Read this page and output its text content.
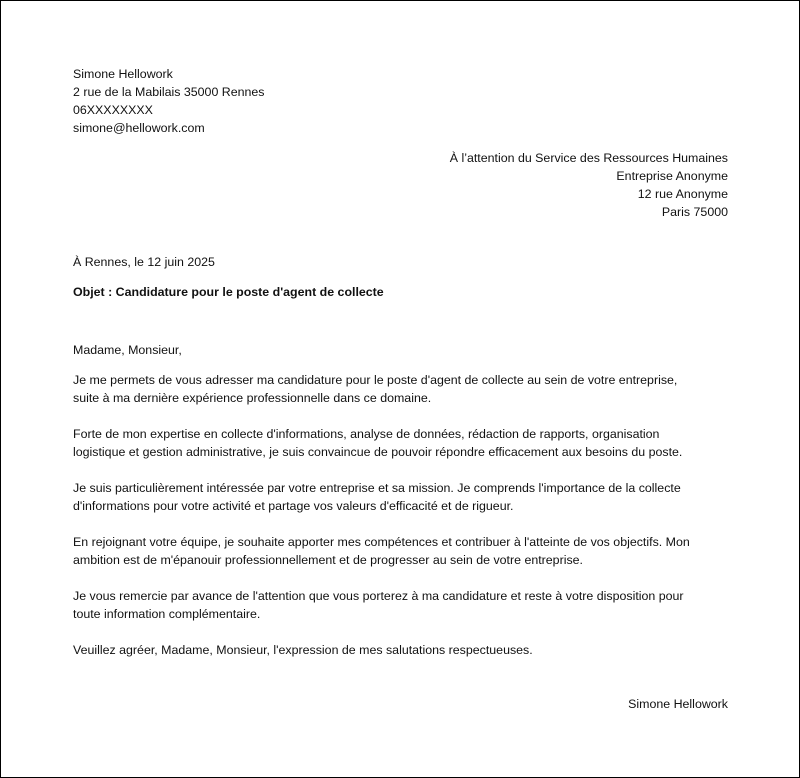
Simone Hellowork
2 rue de la Mabilais 35000 Rennes
06XXXXXXXX
simone@hellowork.com
À l’attention du Service des Ressources Humaines
Entreprise Anonyme
12 rue Anonyme
Paris 75000
À Rennes, le 12 juin 2025
Objet : Candidature pour le poste d'agent de collecte
Madame, Monsieur,

Je me permets de vous adresser ma candidature pour le poste d'agent de collecte au sein de votre entreprise,
suite à ma dernière expérience professionnelle dans ce domaine.

Forte de mon expertise en collecte d'informations, analyse de données, rédaction de rapports, organisation
logistique et gestion administrative, je suis convaincue de pouvoir répondre efficacement aux besoins du poste.

Je suis particulièrement intéressée par votre entreprise et sa mission. Je comprends l'importance de la collecte
d'informations pour votre activité et partage vos valeurs d'efficacité et de rigueur.

En rejoignant votre équipe, je souhaite apporter mes compétences et contribuer à l'atteinte de vos objectifs. Mon
ambition est de m'épanouir professionnellement et de progresser au sein de votre entreprise.

Je vous remercie par avance de l'attention que vous porterez à ma candidature et reste à votre disposition pour
toute information complémentaire.

Veuillez agréer, Madame, Monsieur, l'expression de mes salutations respectueuses.
Simone Hellowork
